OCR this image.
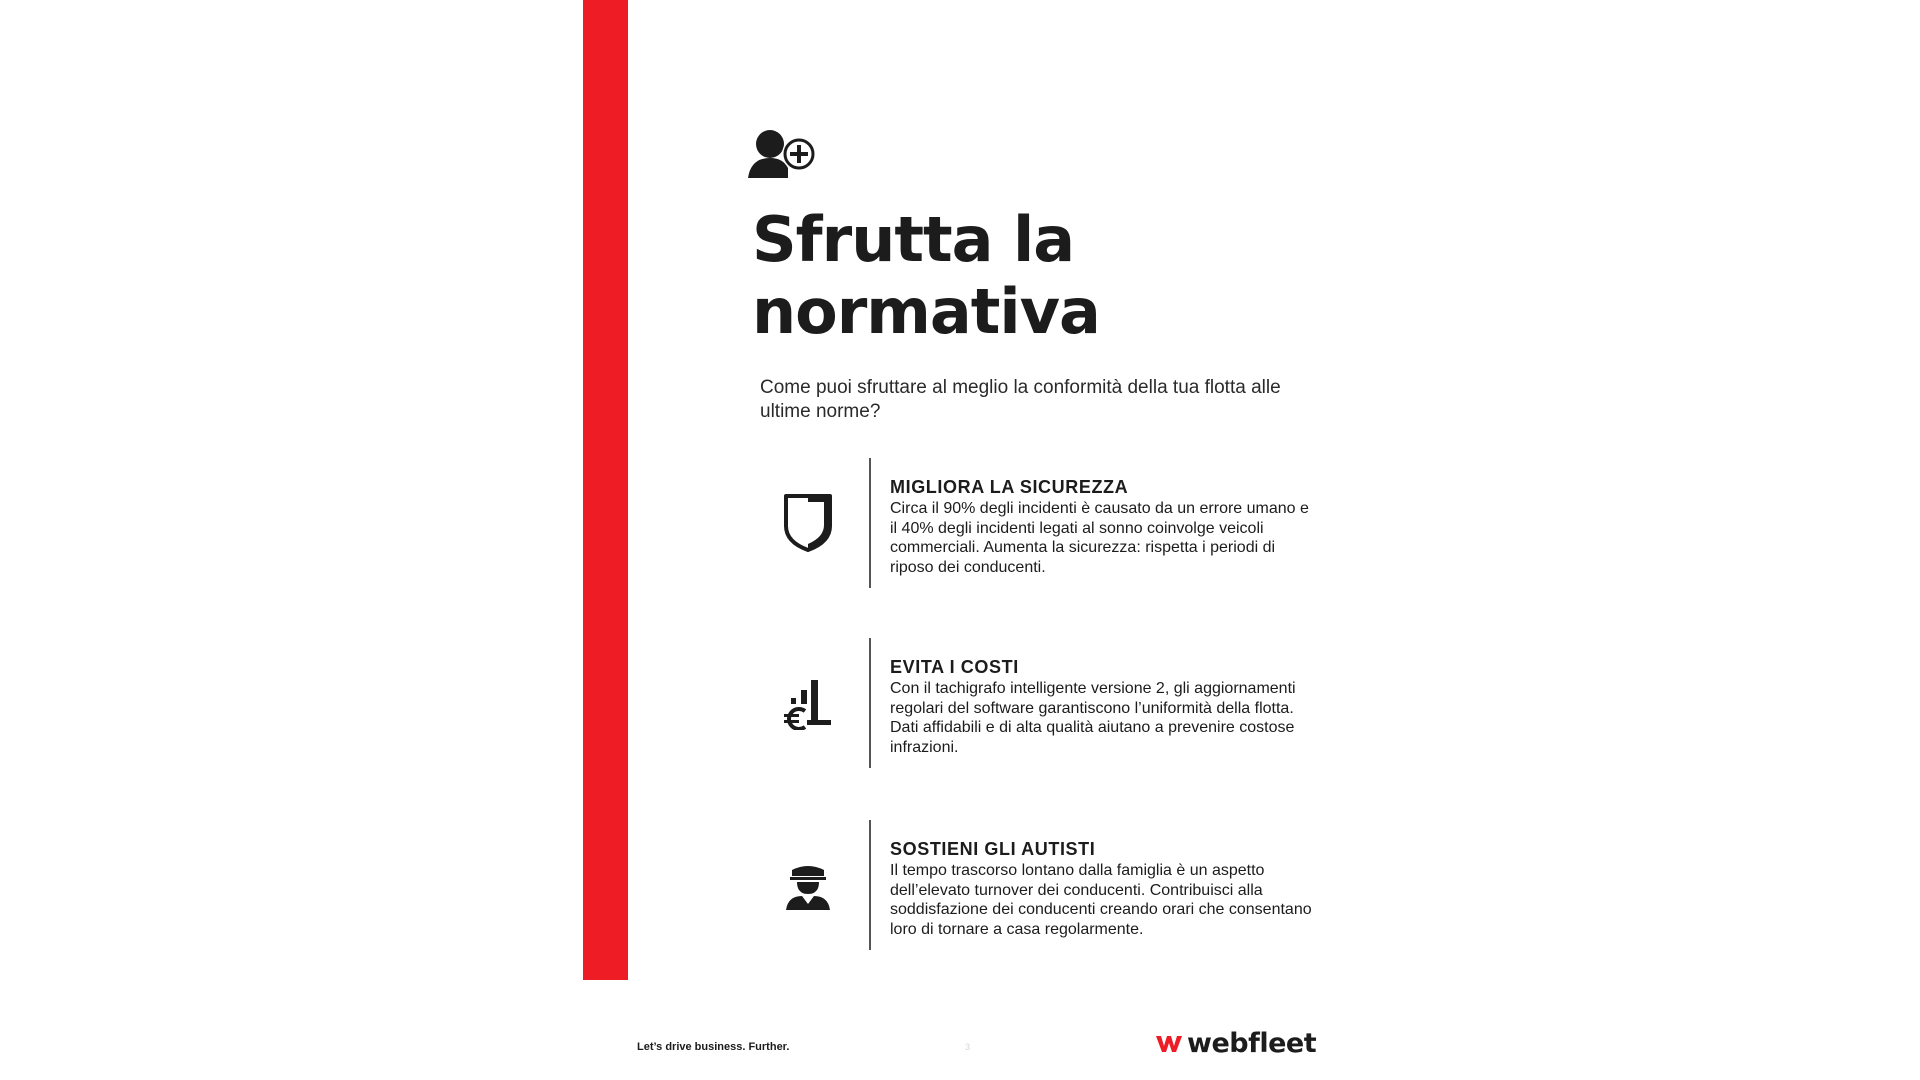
Sfrutta la
normativa

Come puoi sfruttare al meglio la conformità della tua flotta alle ultime norme?

MIGLIORA LA SICUREZZA

Circa il 90% degli incidenti è causato da un errore umano e il 40% degli incidenti legati al sonno coinvolge veicoli commerciali. Aumenta la sicurezza: rispetta i periodi di riposo dei conducenti.

EVITA I COSTI

Con il tachigrafo intelligente versione 2, gli aggiornamenti regolari del software garantiscono l’uniformità della flotta. Dati affidabili e di alta qualità aiutano a prevenire costose infrazioni.

SOSTIENI GLI AUTISTI

Il tempo trascorso lontano dalla famiglia è un aspetto dell’elevato turnover dei conducenti. Contribuisci alla soddisfazione dei conducenti creando orari che consentano loro di tornare a casa regolarmente.

Let’s drive business. Further.	3	webfleet
